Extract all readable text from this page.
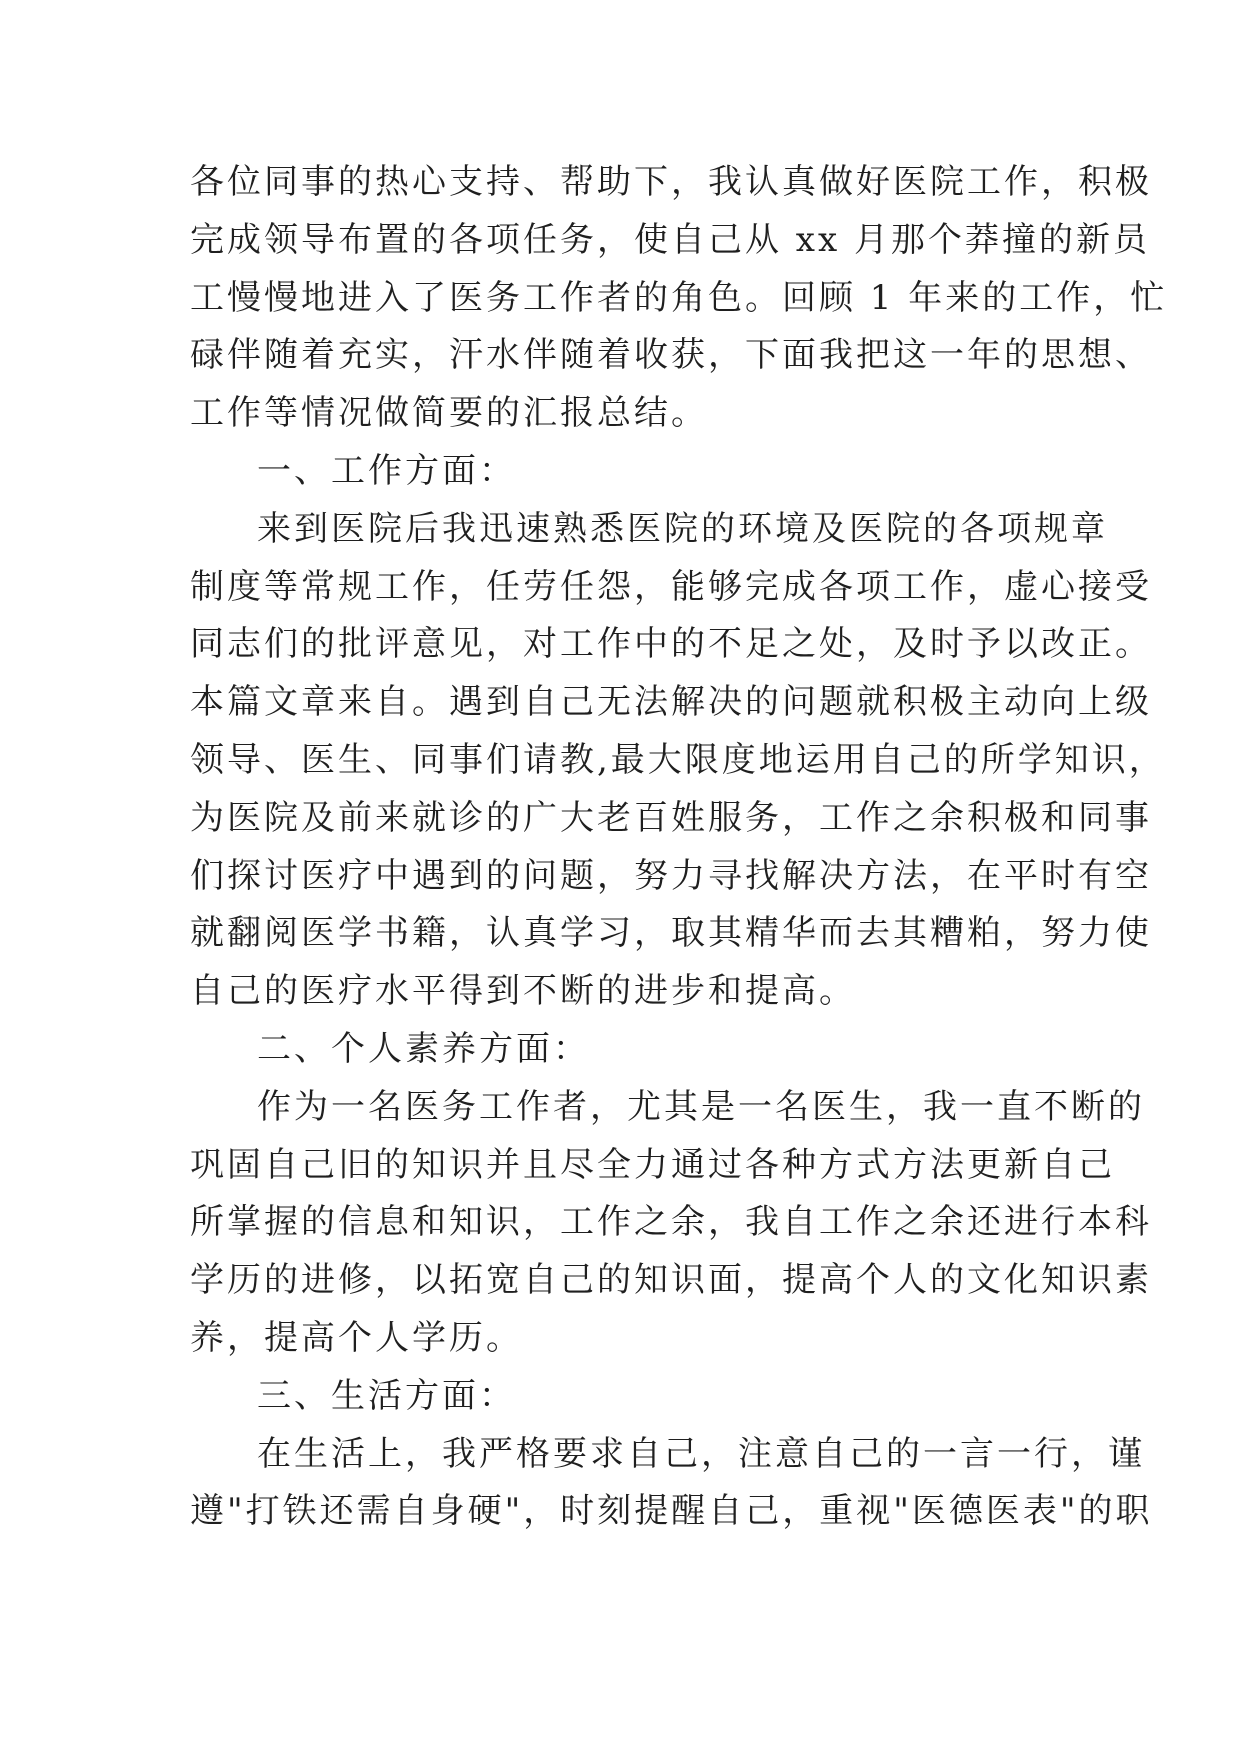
各位同事的热心支持、帮助下，我认真做好医院工作，积极
完成领导布置的各项任务，使自己从 xx 月那个莽撞的新员
工慢慢地进入了医务工作者的角色。回顾 1 年来的工作，忙
碌伴随着充实，汗水伴随着收获，下面我把这一年的思想、
工作等情况做简要的汇报总结。
一、工作方面：
来到医院后我迅速熟悉医院的环境及医院的各项规章
制度等常规工作，任劳任怨，能够完成各项工作，虚心接受
同志们的批评意见，对工作中的不足之处，及时予以改正。
本篇文章来自。遇到自己无法解决的问题就积极主动向上级
领导、医生、同事们请教,最大限度地运用自己的所学知识，
为医院及前来就诊的广大老百姓服务，工作之余积极和同事
们探讨医疗中遇到的问题，努力寻找解决方法，在平时有空
就翻阅医学书籍，认真学习，取其精华而去其糟粕，努力使
自己的医疗水平得到不断的进步和提高。
二、个人素养方面：
作为一名医务工作者，尤其是一名医生，我一直不断的
巩固自己旧的知识并且尽全力通过各种方式方法更新自己
所掌握的信息和知识，工作之余，我自工作之余还进行本科
学历的进修，以拓宽自己的知识面，提高个人的文化知识素
养，提高个人学历。
三、生活方面：
在生活上，我严格要求自己，注意自己的一言一行，谨
遵"打铁还需自身硬"，时刻提醒自己，重视"医德医表"的职
